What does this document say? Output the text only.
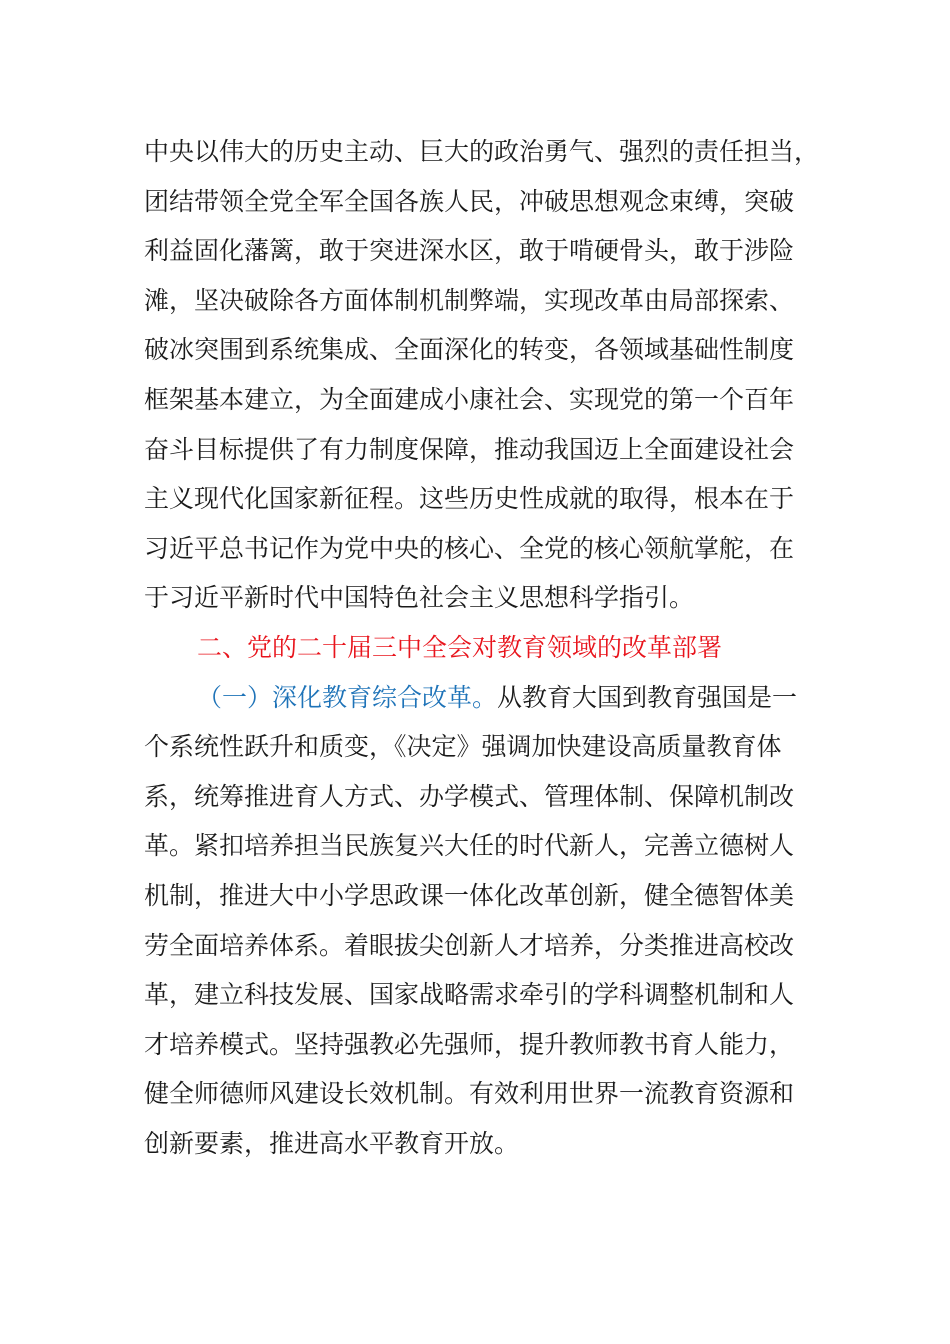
中央以伟大的历史主动、巨大的政治勇气、强烈的责任担当，
团结带领全党全军全国各族人民，冲破思想观念束缚，突破
利益固化藩篱，敢于突进深水区，敢于啃硬骨头，敢于涉险
滩，坚决破除各方面体制机制弊端，实现改革由局部探索、
破冰突围到系统集成、全面深化的转变，各领域基础性制度
框架基本建立，为全面建成小康社会、实现党的第一个百年
奋斗目标提供了有力制度保障，推动我国迈上全面建设社会
主义现代化国家新征程。这些历史性成就的取得，根本在于
习近平总书记作为党中央的核心、全党的核心领航掌舵，在
于习近平新时代中国特色社会主义思想科学指引。
二、党的二十届三中全会对教育领域的改革部署
（一）深化教育综合改革。从教育大国到教育强国是一
个系统性跃升和质变，《决定》强调加快建设高质量教育体
系，统筹推进育人方式、办学模式、管理体制、保障机制改
革。紧扣培养担当民族复兴大任的时代新人，完善立德树人
机制，推进大中小学思政课一体化改革创新，健全德智体美
劳全面培养体系。着眼拔尖创新人才培养，分类推进高校改
革，建立科技发展、国家战略需求牵引的学科调整机制和人
才培养模式。坚持强教必先强师，提升教师教书育人能力，
健全师德师风建设长效机制。有效利用世界一流教育资源和
创新要素，推进高水平教育开放。
